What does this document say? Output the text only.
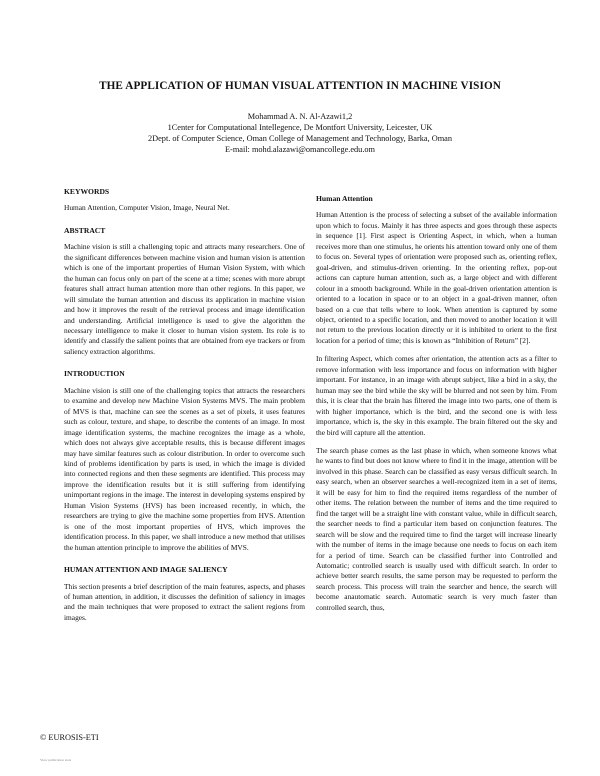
THE APPLICATION OF HUMAN VISUAL ATTENTION IN MACHINE VISION
Mohammad A. N. Al-Azawi1,2
1Center for Computational Intellegence, De Montfort University, Leicester, UK
2Dept. of Computer Science, Oman College of Management and Technology, Barka, Oman
E-mail: mohd.alazawi@omancollege.edu.om
KEYWORDS
Human Attention, Computer Vision, Image, Neural Net.
ABSTRACT
Machine vision is still a challenging topic and attracts many researchers. One of the significant differences between machine vision and human vision is attention which is one of the important properties of Human Vision System, with which the human can focus only on part of the scene at a time; scenes with more abrupt features shall attract human attention more than other regions. In this paper, we will simulate the human attention and discuss its application in machine vision and how it improves the result of the retrieval process and image identification and understanding. Artificial intelligence is used to give the algorithm the necessary intelligence to make it closer to human vision system. Its role is to identify and classify the salient points that are obtained from eye trackers or from saliency extraction algorithms.
INTRODUCTION
Machine vision is still one of the challenging topics that attracts the researchers to examine and develop new Machine Vision Systems MVS. The main problem of MVS is that, machine can see the scenes as a set of pixels, it uses features such as colour, texture, and shape, to describe the contents of an image. In most image identification systems, the machine recognizes the image as a whole, which does not always give acceptable results, this is because different images may have similar features such as colour distribution. In order to overcome such kind of problems identification by parts is used, in which the image is divided into connected regions and then these segments are identified. This process may improve the identification results but it is still suffering from identifying unimportant regions in the image. The interest in developing systems enspired by Human Vision Systems (HVS) has been increased recently, in which, the researchers are trying to give the machine some properties from HVS. Attention is one of the most important properties of HVS, which improves the identification process. In this paper, we shall introduce a new method that utilises the human attention principle to improve the abilities of MVS.
HUMAN ATTENTION AND IMAGE SALIENCY
This section presents a brief description of the main features, aspects, and phases of human attention, in addition, it discusses the definition of saliency in images and the main techniques that were proposed to extract the salient regions from images.
Human Attention
Human Attention is the process of selecting a subset of the available information upon which to focus. Mainly it has three aspects and goes through these aspects in sequence [1]. First aspect is Orienting Aspect, in which, when a human receives more than one stimulus, he orients his attention toward only one of them to focus on. Several types of orientation were proposed such as, orienting reflex, goal-driven, and stimulus-driven orienting. In the orienting reflex, pop-out actions can capture human attention, such as, a large object and with different colour in a smooth background. While in the goal-driven orientation attention is oriented to a location in space or to an object in a goal-driven manner, often based on a cue that tells where to look. When attention is captured by some object, oriented to a specific location, and then moved to another location it will not return to the previous location directly or it is inhibited to orient to the first location for a period of time; this is known as “Inhibition of Return” [2].
In filtering Aspect, which comes after orientation, the attention acts as a filter to remove information with less importance and focus on information with higher important. For instance, in an image with abrupt subject, like a bird in a sky, the human may see the bird while the sky will be blurred and not seen by him. From this, it is clear that the brain has filtered the image into two parts, one of them is with higher importance, which is the bird, and the second one is with less importance, which is, the sky in this example. The brain filtered out the sky and the bird will capture all the attention.
The search phase comes as the last phase in which, when someone knows what he wants to find but does not know where to find it in the image, attention will be involved in this phase. Search can be classified as easy versus difficult search. In easy search, when an observer searches a well-recognized item in a set of items, it will be easy for him to find the required items regardless of the number of other items. The relation between the number of items and the time required to find the target will be a straight line with constant value, while in difficult search, the searcher needs to find a particular item based on conjunction features. The search will be slow and the required time to find the target will increase linearly with the number of items in the image because one needs to focus on each item for a period of time. Search can be classified further into Controlled and Automatic; controlled search is usually used with difficult search. In order to achieve better search results, the same person may be requested to perform the search process. This process will train the searcher and hence, the search will become anautomatic search. Automatic search is very much faster than controlled search, thus,
© EUROSIS-ETI
View publication stats
